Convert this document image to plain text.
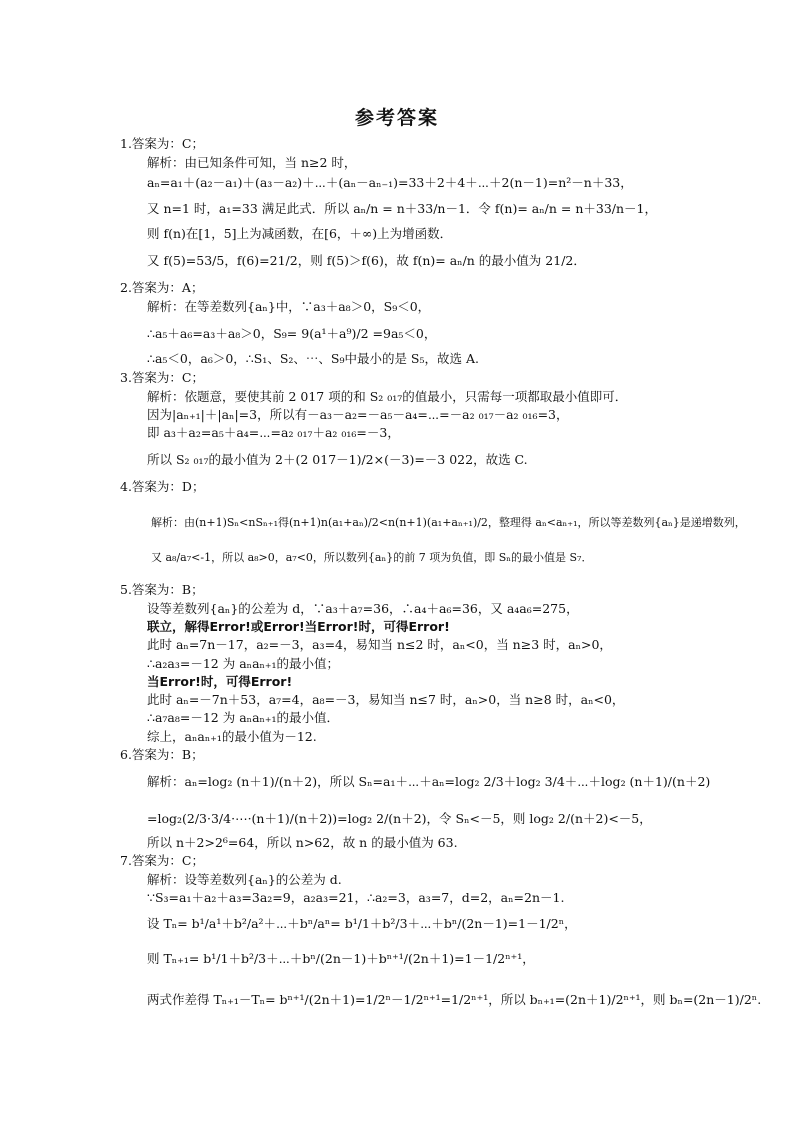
参考答案
1.答案为：C；
解析：由已知条件可知，当 n≥2 时，
aₙ=a₁＋(a₂－a₁)＋(a₃－a₂)＋⋯＋(aₙ－aₙ₋₁)=33＋2＋4＋⋯＋2(n－1)=n²－n＋33，
又 n=1 时，a₁=33 满足此式．所以 aₙ/n = n＋33/n－1．令 f(n)= aₙ/n = n＋33/n－1，
则 f(n)在[1，5]上为减函数，在[6，＋∞)上为增函数．
又 f(5)=53/5，f(6)=21/2，则 f(5)＞f(6)，故 f(n)= aₙ/n 的最小值为 21/2．
2.答案为：A；
解析：在等差数列{aₙ}中，∵a₃＋a₈＞0，S₉＜0，
∴a₅＋a₆=a₃＋a₈＞0，S₉= 9(a¹＋a⁹)/2 =9a₅＜0，
∴a₅＜0，a₆＞0，∴S₁、S₂、⋯、S₉中最小的是 S₅，故选 A.
3.答案为：C；
解析：依题意，要使其前 2 017 项的和 S₂ ₀₁₇的值最小，只需每一项都取最小值即可．
因为|aₙ₊₁|＋|aₙ|=3，所以有－a₃－a₂=－a₅－a₄=⋯=－a₂ ₀₁₇－a₂ ₀₁₆=3，
即 a₃＋a₂=a₅＋a₄=⋯=a₂ ₀₁₇＋a₂ ₀₁₆=－3，
所以 S₂ ₀₁₇的最小值为 2＋(2 017－1)/2×(－3)=－3 022，故选 C.
4.答案为：D；
解析：由(n+1)Sₙ<nSₙ₊₁得(n+1)n(a₁+aₙ)/2<n(n+1)(a₁+aₙ₊₁)/2，整理得 aₙ<aₙ₊₁，所以等差数列{aₙ}是递增数列，
又 a₈/a₇<-1，所以 a₈>0，a₇<0，所以数列{aₙ}的前 7 项为负值，即 Sₙ的最小值是 S₇．
5.答案为：B；
设等差数列{aₙ}的公差为 d，∵a₃＋a₇=36，∴a₄＋a₆=36，又 a₄a₆=275，
联立，解得Error!或Error!当Error!时，可得Error!
此时 aₙ=7n－17，a₂=－3，a₃=4，易知当 n≤2 时，aₙ<0，当 n≥3 时，aₙ>0，
∴a₂a₃=－12 为 aₙaₙ₊₁的最小值；
当Error!时，可得Error!
此时 aₙ=－7n＋53，a₇=4，a₈=－3，易知当 n≤7 时，aₙ>0，当 n≥8 时，aₙ<0，
∴a₇a₈=－12 为 aₙaₙ₊₁的最小值．
综上，aₙaₙ₊₁的最小值为－12.
6.答案为：B；
解析：aₙ=log₂ (n＋1)/(n＋2)，所以 Sₙ=a₁＋⋯＋aₙ=log₂ 2/3＋log₂ 3/4＋⋯＋log₂ (n＋1)/(n＋2)
=log₂(2/3·3/4·⋯·(n＋1)/(n＋2))=log₂ 2/(n＋2)，令 Sₙ<－5，则 log₂ 2/(n＋2)<－5，
所以 n＋2>2⁶=64，所以 n>62，故 n 的最小值为 63.
7.答案为：C；
解析：设等差数列{aₙ}的公差为 d.
∵S₃=a₁＋a₂＋a₃=3a₂=9，a₂a₃=21，∴a₂=3，a₃=7，d=2，aₙ=2n－1.
设 Tₙ= b¹/a¹＋b²/a²＋⋯＋bⁿ/aⁿ= b¹/1＋b²/3＋⋯＋bⁿ/(2n－1)=1－1/2ⁿ，
则 Tₙ₊₁= b¹/1＋b²/3＋⋯＋bⁿ/(2n－1)＋bⁿ⁺¹/(2n＋1)=1－1/2ⁿ⁺¹，
两式作差得 Tₙ₊₁－Tₙ= bⁿ⁺¹/(2n＋1)=1/2ⁿ－1/2ⁿ⁺¹=1/2ⁿ⁺¹，所以 bₙ₊₁=(2n＋1)/2ⁿ⁺¹，则 bₙ=(2n－1)/2ⁿ.
